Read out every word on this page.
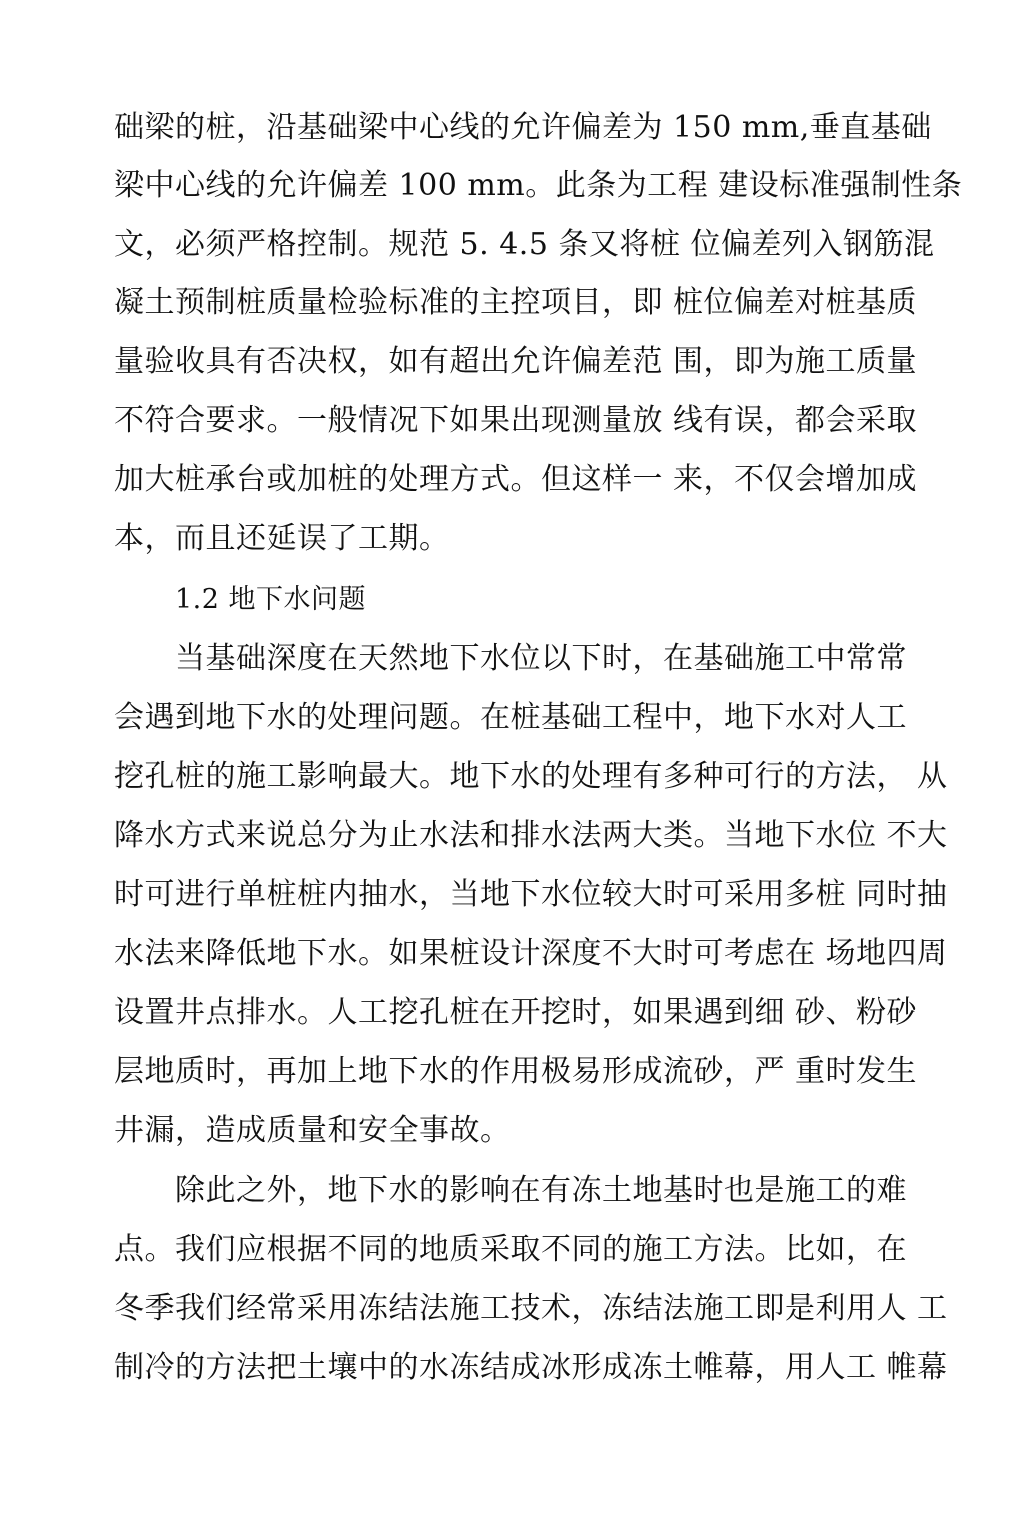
础梁的桩，沿基础梁中心线的允许偏差为 150 mm,垂直基础
梁中心线的允许偏差 100 mm。此条为工程 建设标准强制性条
文，必须严格控制。规范 5. 4.5 条又将桩 位偏差列入钢筋混
凝土预制桩质量检验标准的主控项目，即 桩位偏差对桩基质
量验收具有否决权，如有超出允许偏差范 围，即为施工质量
不符合要求。一般情况下如果出现测量放 线有误，都会采取
加大桩承台或加桩的处理方式。但这样一 来，不仅会增加成
本，而且还延误了工期。
1.2 地下水问题
当基础深度在天然地下水位以下时，在基础施工中常常
会遇到地下水的处理问题。在桩基础工程中，地下水对人工
挖孔桩的施工影响最大。地下水的处理有多种可行的方法， 从
降水方式来说总分为止水法和排水法两大类。当地下水位 不大
时可进行单桩桩内抽水，当地下水位较大时可采用多桩 同时抽
水法来降低地下水。如果桩设计深度不大时可考虑在 场地四周
设置井点排水。人工挖孔桩在开挖时，如果遇到细 砂、粉砂
层地质时，再加上地下水的作用极易形成流砂，严 重时发生
井漏，造成质量和安全事故。
除此之外，地下水的影响在有冻土地基时也是施工的难
点。我们应根据不同的地质采取不同的施工方法。比如，在
冬季我们经常采用冻结法施工技术，冻结法施工即是利用人 工
制冷的方法把土壤中的水冻结成冰形成冻土帷幕，用人工 帷幕
